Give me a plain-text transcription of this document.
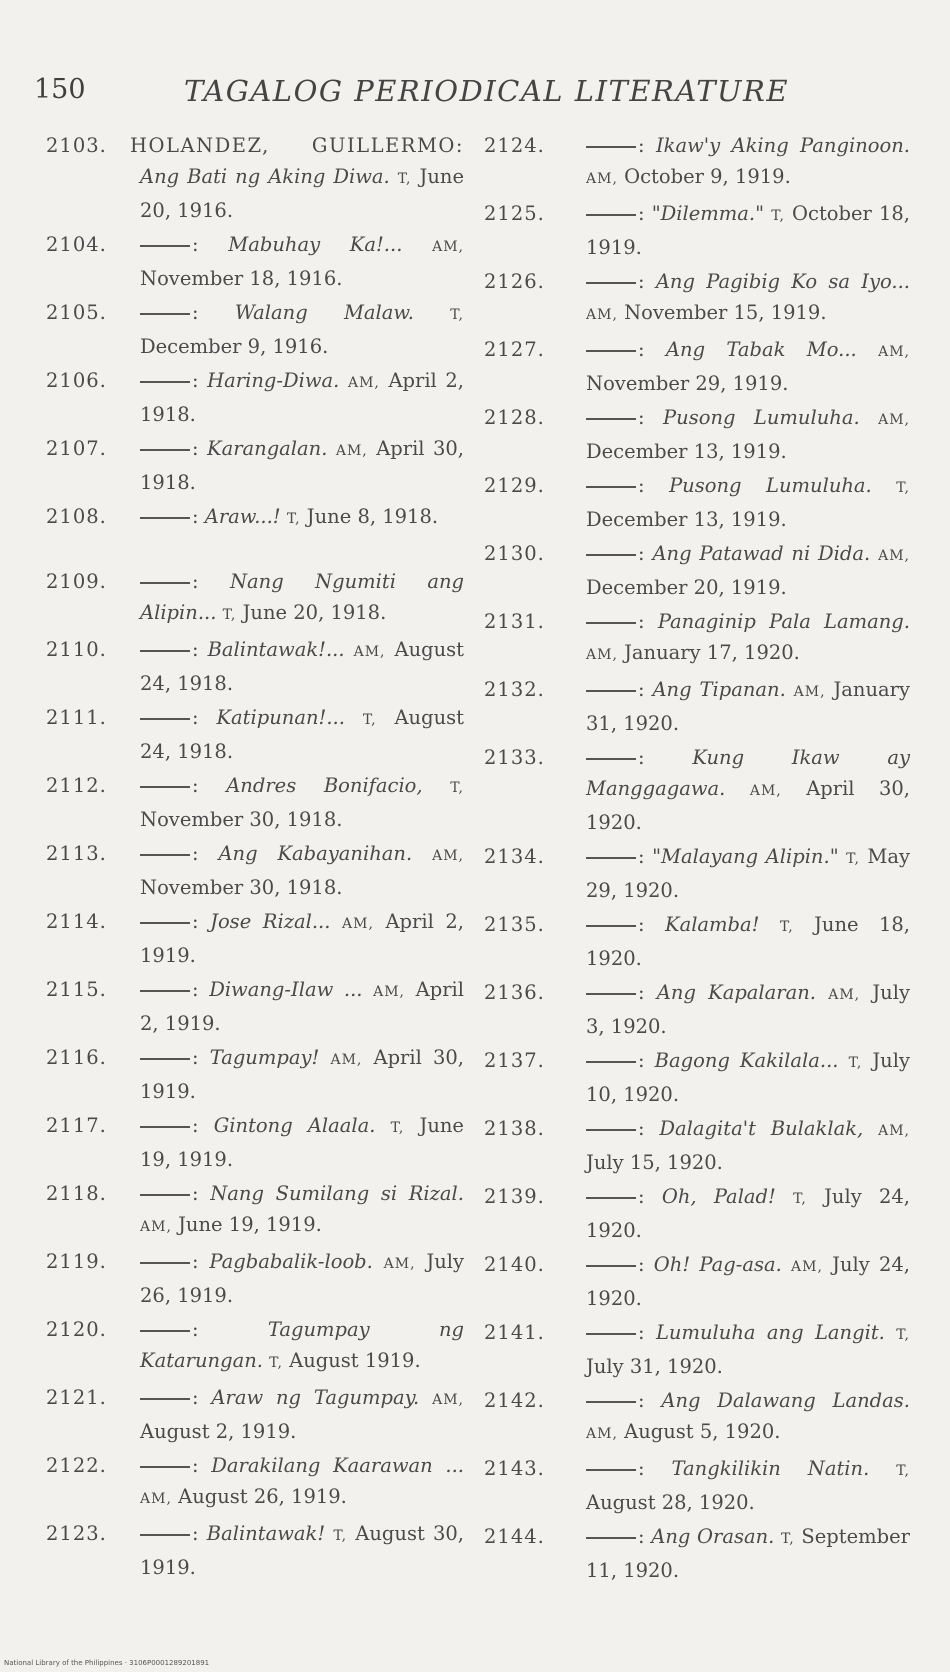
150	TAGALOG PERIODICAL LITERATURE
2103. HOLANDEZ, GUILLERMO: Ang Bati ng Aking Diwa. T, June 20, 1916.
2104.	: Mabuhay Ka!... AM, November 18, 1916.
2105.	: Walang Malaw.	T, December 9, 1916.
2106.	: Haring-Diwa. AM, April 2, 1918.
2107.	: Karangalan. AM, April 30, 1918.
2108.	: Araw...! T, June 8, 1918.
2109.	: Nang Ngumiti ang Alipin... T, June 20, 1918.
2110.	: Balintawak!... AM, August 24, 1918.
2111.	: Katipunan!... T, August 24, 1918.
2112.	: Andres Bonifacio, T, November 30, 1918.
2113.	: Ang Kabayanihan. AM, November 30, 1918.
2114.	: Jose Rizal... AM, April 2, 1919.
2115.	: Diwang-Ilaw ... AM, April 2, 1919.
2116.	: Tagumpay! AM, April 30, 1919.
2117.	: Gintong Alaala. T, June 19, 1919.
2118.	: Nang Sumilang si Rizal. AM, June 19, 1919.
2119.	: Pagbabalik-loob. AM, July 26, 1919.
2120.	: Tagumpay ng Katarungan. T, August 1919.
2121.	: Araw ng Tagumpay. AM, August 2, 1919.
2122.	: Darakilang Kaarawan ... AM, August 26, 1919.
2123.	: Balintawak! T, August 30, 1919.
2124.	: Ikaw'y Aking Panginoon. AM, October 9, 1919.
2125.	: "Dilemma." T, October 18, 1919.
2126.	: Ang Pagibig Ko sa Iyo... AM, November 15, 1919.
2127.	: Ang Tabak Mo... AM, November 29, 1919.
2128.	: Pusong Lumuluha. AM, December 13, 1919.
2129.	: Pusong Lumuluha. T, December 13, 1919.
2130.	: Ang Patawad ni Dida. AM, December 20, 1919.
2131.	: Panaginip Pala Lamang. AM, January 17, 1920.
2132.	: Ang Tipanan. AM, January 31, 1920.
2133.	: Kung Ikaw ay Manggagawa. AM, April 30, 1920.
2134.	: "Malayang Alipin." T, May 29, 1920.
2135.	: Kalamba! T, June 18, 1920.
2136.	: Ang Kapalaran. AM, July 3, 1920.
2137.	: Bagong Kakilala... T, July 10, 1920.
2138.	: Dalagita't Bulaklak, AM, July 15, 1920.
2139.	: Oh, Palad! T, July 24, 1920.
2140.	: Oh! Pag-asa. AM, July 24, 1920.
2141.	: Lumuluha ang Langit. T, July 31, 1920.
2142.	: Ang Dalawang Landas. AM, August 5, 1920.
2143.	: Tangkilikin Natin. T, August 28, 1920.
2144.	: Ang Orasan. T, September 11, 1920.
National Library of the Philippines · 3106P0001289201891
